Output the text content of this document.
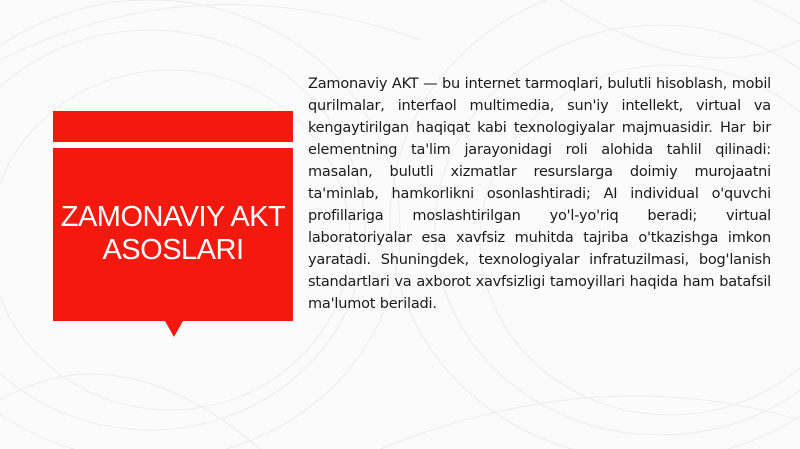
ZAMONAVIY AKT ASOSLARI

Zamonaviy AKT — bu internet tarmoqlari, bulutli hisoblash, mobil qurilmalar, interfaol multimedia, sun'iy intellekt, virtual va kengaytirilgan haqiqat kabi texnologiyalar majmuasidir. Har bir elementning ta'lim jarayonidagi roli alohida tahlil qilinadi: masalan, bulutli xizmatlar resurslarga doimiy murojaatni ta'minlab, hamkorlikni osonlashtiradi; AI individual o'quvchi profillariga moslashtirilgan yo'l-yo'riq beradi; virtual laboratoriyalar esa xavfsiz muhitda tajriba o'tkazishga imkon yaratadi. Shuningdek, texnologiyalar infratuzilmasi, bog'lanish standartlari va axborot xavfsizligi tamoyillari haqida ham batafsil ma'lumot beriladi.
